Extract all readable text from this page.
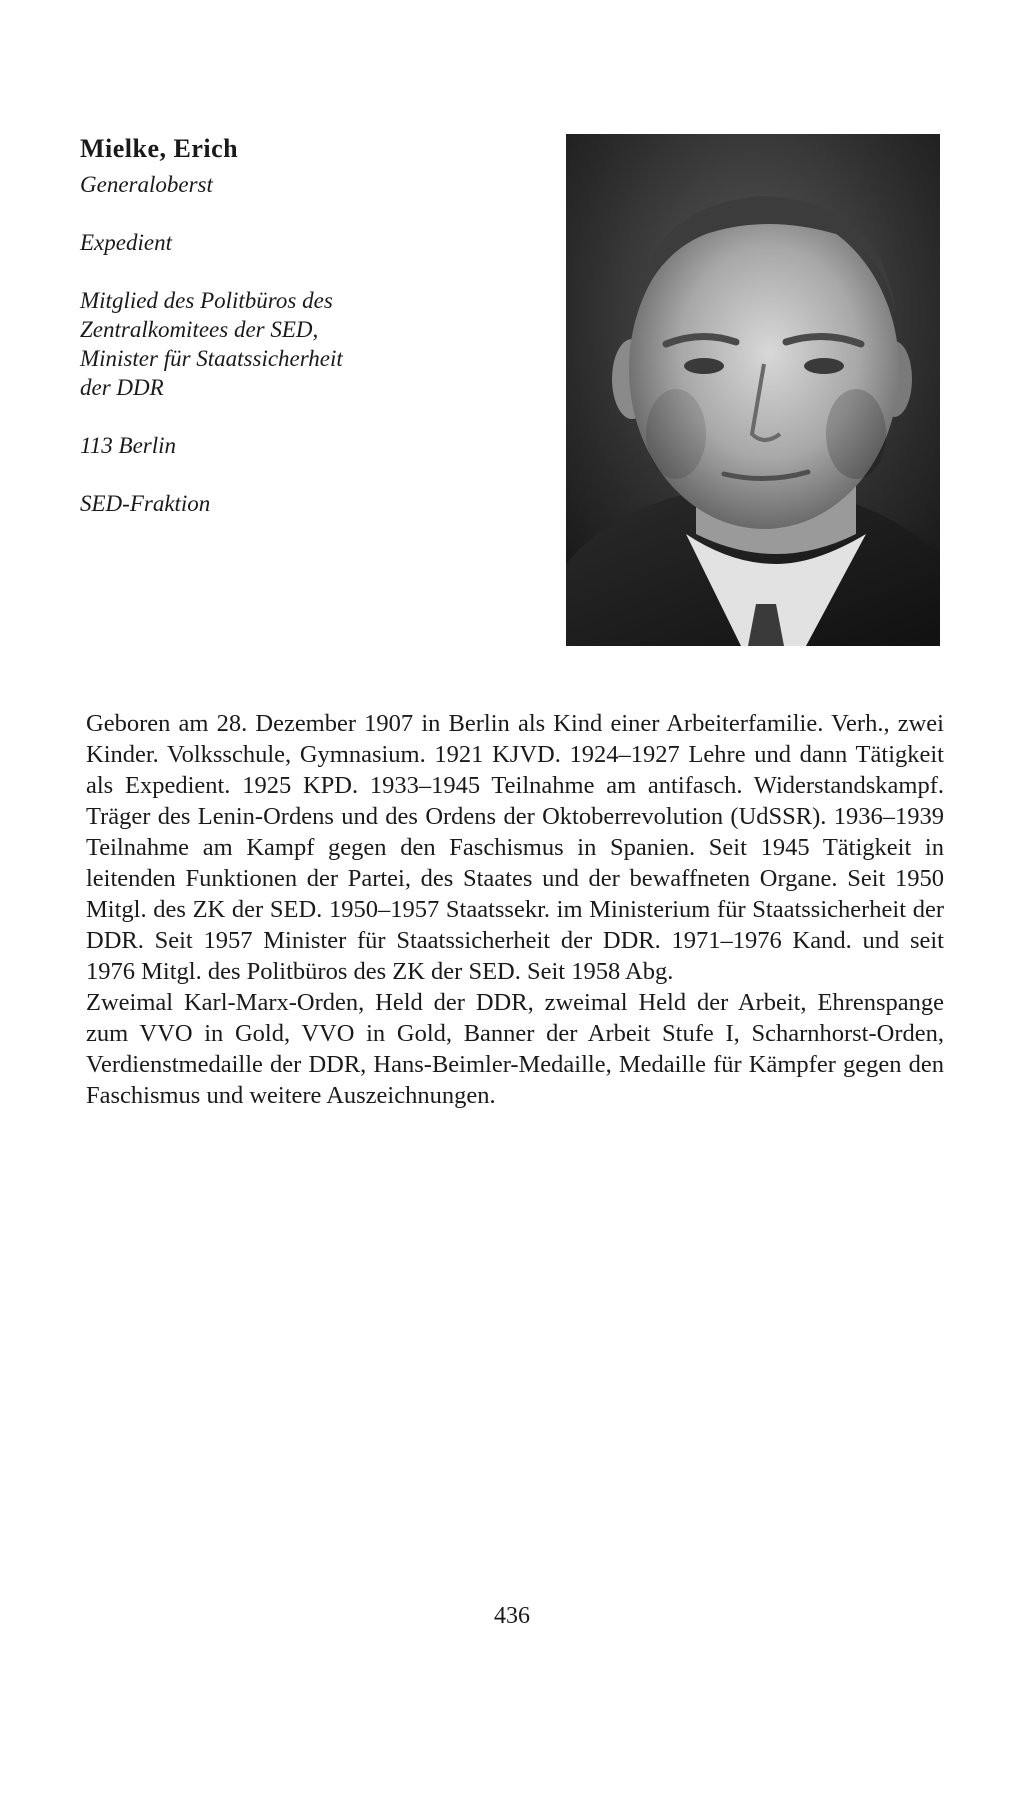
Mielke, Erich
Generaloberst
Expedient
Mitglied des Politbüros des
Zentralkomitees der SED,
Minister für Staatssicherheit
der DDR
113 Berlin
SED-Fraktion

Geboren am 28. Dezember 1907 in Berlin als Kind einer Arbeiterfamilie. Verh., zwei Kinder. Volksschule, Gymnasium. 1921 KJVD. 1924–1927 Lehre und dann Tätigkeit als Expedient. 1925 KPD. 1933–1945 Teilnahme am antifasch. Widerstandskampf. Träger des Lenin-Ordens und des Ordens der Oktoberrevolution (UdSSR). 1936–1939 Teilnahme am Kampf gegen den Faschismus in Spanien. Seit 1945 Tätigkeit in leitenden Funktionen der Partei, des Staates und der bewaffneten Organe. Seit 1950 Mitgl. des ZK der SED. 1950–1957 Staatssekr. im Ministerium für Staatssicherheit der DDR. Seit 1957 Minister für Staatssicherheit der DDR. 1971–1976 Kand. und seit 1976 Mitgl. des Politbüros des ZK der SED. Seit 1958 Abg.

Zweimal Karl-Marx-Orden, Held der DDR, zweimal Held der Arbeit, Ehrenspange zum VVO in Gold, VVO in Gold, Banner der Arbeit Stufe I, Scharnhorst-Orden, Verdienstmedaille der DDR, Hans-Beimler-Medaille, Medaille für Kämpfer gegen den Faschismus und weitere Auszeichnungen.

436
